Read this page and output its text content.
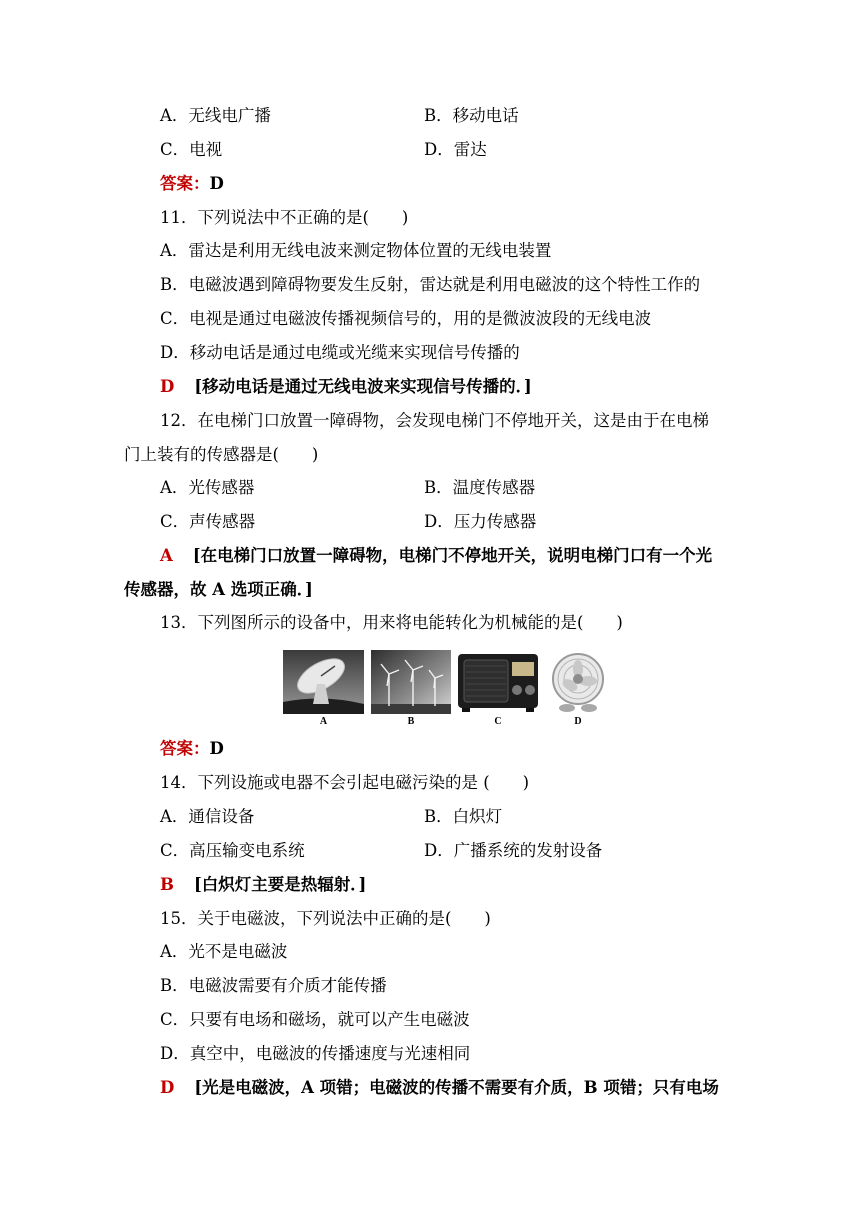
A．无线电广播	B．移动电话
C．电视	D．雷达
答案：D
11．下列说法中不正确的是(　　)
A．雷达是利用无线电波来测定物体位置的无线电装置
B．电磁波遇到障碍物要发生反射，雷达就是利用电磁波的这个特性工作的
C．电视是通过电磁波传播视频信号的，用的是微波波段的无线电波
D．移动电话是通过电缆或光缆来实现信号传播的
D [移动电话是通过无线电波来实现信号传播的．]
12．在电梯门口放置一障碍物，会发现电梯门不停地开关，这是由于在电梯
门上装有的传感器是(　　)
A．光传感器	B．温度传感器
C．声传感器	D．压力传感器
A [在电梯门口放置一障碍物，电梯门不停地开关，说明电梯门口有一个光
传感器，故 A 选项正确．]
13．下列图所示的设备中，用来将电能转化为机械能的是(　　)
A	B	C	D
答案：D
14．下列设施或电器不会引起电磁污染的是 (　　)
A．通信设备	B．白炽灯
C．高压输变电系统	D．广播系统的发射设备
B [白炽灯主要是热辐射．]
15．关于电磁波，下列说法中正确的是(　　)
A．光不是电磁波
B．电磁波需要有介质才能传播
C．只要有电场和磁场，就可以产生电磁波
D．真空中，电磁波的传播速度与光速相同
D [光是电磁波，A 项错；电磁波的传播不需要有介质，B 项错；只有电场
